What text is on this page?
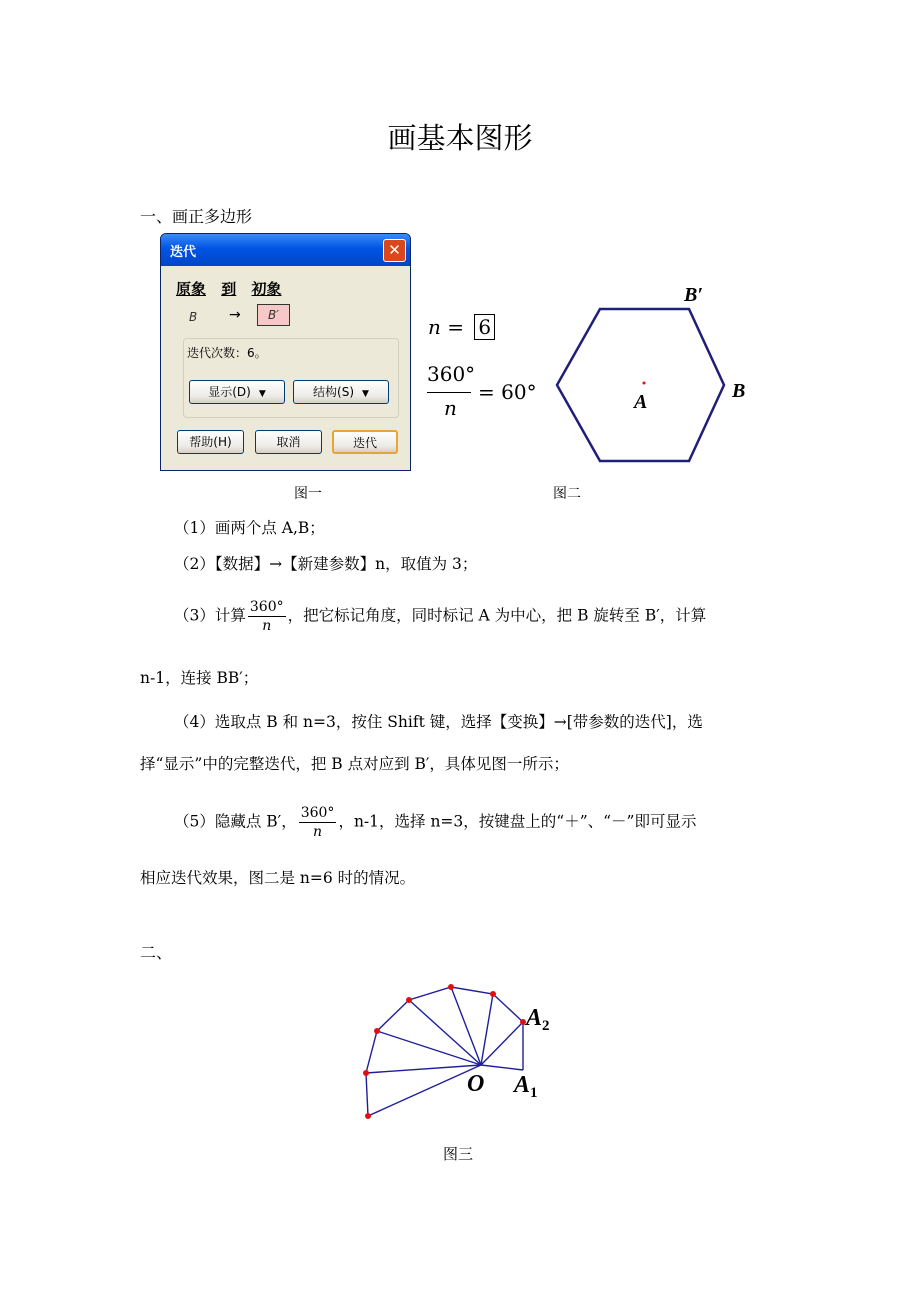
画基本图形
一、画正多边形
迭代	✕
原象 到 初象
B →	B′
迭代次数：6。
显示(D) ▼	结构(S) ▼
帮助(H)	取消	迭代
n = 6
360°
n
= 60°
B′
A	B
图一	图二
（1）画两个点 A,B；
（2）【数据】→【新建参数】n，取值为 3；
（3）计算 $\frac{360^\circ}{n}$ ，把它标记角度，同时标记 A 为中心，把 B 旋转至 B′，计算
n-1，连接 BB′；
（4）选取点 B 和 n=3，按住 Shift 键，选择【变换】→[带参数的迭代]，选
择“显示”中的完整迭代，把 B 点对应到 B′，具体见图一所示；
（5）隐藏点 B′， $\frac{360^\circ}{n}$ ，n-1，选择 n=3，按键盘上的“＋”、“－”即可显示
相应迭代效果，图二是 n=6 时的情况。
二、
O $A_1$
$A_2$
图三
